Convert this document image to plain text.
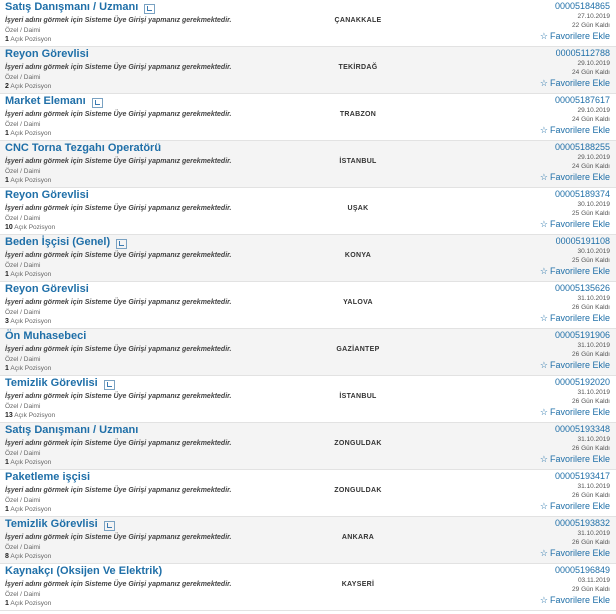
Satış Danışmanı / Uzmanı
İşyeri adını görmek için Sisteme Üye Girişi yapmanız gerekmektedir.
Özel / Daimi
1 Açık Pozisyon
ÇANAKKALE
00005184865
27.10.2019
22 Gün Kaldı
☆ Favorilere Ekle
Reyon Görevlisi
İşyeri adını görmek için Sisteme Üye Girişi yapmanız gerekmektedir.
Özel / Daimi
2 Açık Pozisyon
TEKİRDAĞ
00005112788
29.10.2019
24 Gün Kaldı
☆ Favorilere Ekle
Market Elemanı
İşyeri adını görmek için Sisteme Üye Girişi yapmanız gerekmektedir.
Özel / Daimi
1 Açık Pozisyon
TRABZON
00005187617
29.10.2019
24 Gün Kaldı
☆ Favorilere Ekle
CNC Torna Tezgahı Operatörü
İşyeri adını görmek için Sisteme Üye Girişi yapmanız gerekmektedir.
Özel / Daimi
1 Açık Pozisyon
İSTANBUL
00005188255
29.10.2019
24 Gün Kaldı
☆ Favorilere Ekle
Reyon Görevlisi
İşyeri adını görmek için Sisteme Üye Girişi yapmanız gerekmektedir.
Özel / Daimi
10 Açık Pozisyon
UŞAK
00005189374
30.10.2019
25 Gün Kaldı
☆ Favorilere Ekle
Beden İşçisi (Genel)
İşyeri adını görmek için Sisteme Üye Girişi yapmanız gerekmektedir.
Özel / Daimi
1 Açık Pozisyon
KONYA
00005191108
30.10.2019
25 Gün Kaldı
☆ Favorilere Ekle
Reyon Görevlisi
İşyeri adını görmek için Sisteme Üye Girişi yapmanız gerekmektedir.
Özel / Daimi
3 Açık Pozisyon
YALOVA
00005135626
31.10.2019
26 Gün Kaldı
☆ Favorilere Ekle
Ön Muhasebeci
İşyeri adını görmek için Sisteme Üye Girişi yapmanız gerekmektedir.
Özel / Daimi
1 Açık Pozisyon
GAZİANTEP
00005191906
31.10.2019
26 Gün Kaldı
☆ Favorilere Ekle
Temizlik Görevlisi
İşyeri adını görmek için Sisteme Üye Girişi yapmanız gerekmektedir.
Özel / Daimi
13 Açık Pozisyon
İSTANBUL
00005192020
31.10.2019
26 Gün Kaldı
☆ Favorilere Ekle
Satış Danışmanı / Uzmanı
İşyeri adını görmek için Sisteme Üye Girişi yapmanız gerekmektedir.
Özel / Daimi
1 Açık Pozisyon
ZONGULDAK
00005193348
31.10.2019
26 Gün Kaldı
☆ Favorilere Ekle
Paketleme işçisi
İşyeri adını görmek için Sisteme Üye Girişi yapmanız gerekmektedir.
Özel / Daimi
1 Açık Pozisyon
ZONGULDAK
00005193417
31.10.2019
26 Gün Kaldı
☆ Favorilere Ekle
Temizlik Görevlisi
İşyeri adını görmek için Sisteme Üye Girişi yapmanız gerekmektedir.
Özel / Daimi
8 Açık Pozisyon
ANKARA
00005193832
31.10.2019
26 Gün Kaldı
☆ Favorilere Ekle
Kaynakçı (Oksijen Ve Elektrik)
İşyeri adını görmek için Sisteme Üye Girişi yapmanız gerekmektedir.
Özel / Daimi
1 Açık Pozisyon
KAYSERİ
00005196849
03.11.2019
29 Gün Kaldı
☆ Favorilere Ekle
